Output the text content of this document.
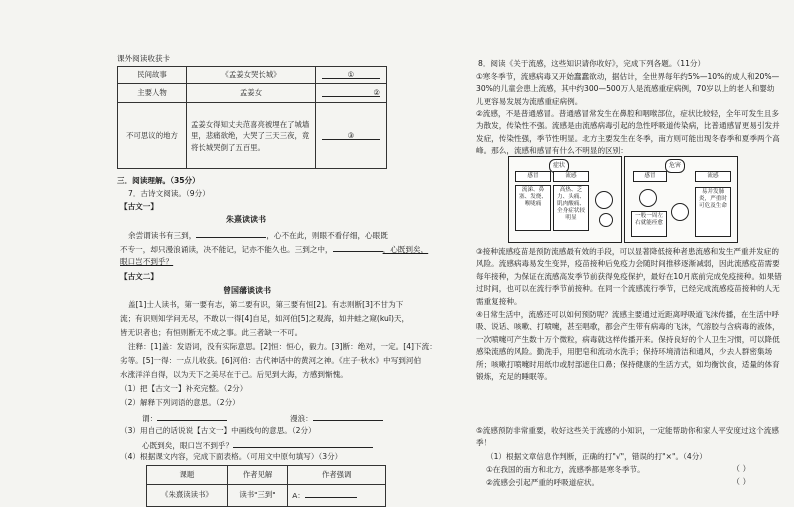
课外阅读收获卡
民间故事	《孟姜女哭长城》	①
主要人物	孟姜女	②
不可思议的地方	孟姜女得知丈夫范喜亮被埋在了城墙里，悲痛欲绝，大哭了三天三夜，竟将长城哭倒了五百里。	③
三．阅读理解。（35分）
7．古诗文阅读。（9分）
【古文一】
朱熹读读书
余尝谓读书有三到，	，心不在此，则眼不看仔细，心眼既
不专一，却只漫浪诵读，决不能记，记亦不能久也。三到之中，	，心既到矣，
眼口岂不到乎？
【古文二】
曾国藩谈读书
盖[1]士人读书，第一要有志，第二要有识，第三要有恒[2]。有志则断[3]不甘为下
流；有识则知学问无尽，不敢以一得[4]自足，如河伯[5]之观海，如井蛙之窥(kuī)天，
皆无识者也；有恒则断无不成之事。此三者缺一不可。
注释：[1]盖：发语词，没有实际意思。[2]恒：恒心，毅力。[3]断：绝对，一定。[4]下流：
劣等。[5]一得：一点儿收获。[6]河伯：古代神话中的黄河之神。《庄子·秋水》中写到河伯
水涨洋洋自得，以为天下之美尽在于己。后见到大海，方感到惭愧。
（1）把【古文一】补充完整。（2分）
（2）解释下列词语的意思。（2分）
谓：	漫浪：
（3）用自己的话说说【古文一】中画线句的意思。（2分）
心既到矣，眼口岂不到乎？
（4）根据课文内容，完成下面表格。（可用文中原句填写）（3分）
课题	作者见解	作者强调
《朱熹读读书》	读书"三到"	A：
8．阅读《关于流感，这些知识请你收好》，完成下列各题。（11分）
①寒冬季节，流感病毒又开始蠢蠢欲动，据估计，全世界每年约5%—10%的成人和20%—30%的儿童会患上流感，其中约300—500万人是流感重症病例，70岁以上的老人和婴幼儿更容易发展为流感重症病例。
②流感，不是普通感冒。普通感冒常发生在鼻腔和咽喉部位，症状比较轻，全年可发生且多为散发，传染性不强。流感是由流感病毒引起的急性呼吸道传染病，比普通感冒更易引发并发症，传染性强，季节性明显。北方主要发生在冬季，南方则可能出现冬春季和夏季两个高峰。那么，流感和感冒有什么不明显的区别：
症状
感冒	流感
流涕、鼻塞、发烧、喉咙痛
高热、乏力、头痛、肌肉酸痛、全身症状较明显
危害
感冒	流感
一般一周左右就能痊愈
易并发肺炎，严重时可危及生命
③接种流感疫苗是预防流感最有效的手段，可以显著降低接种者患流感和发生严重并发症的风险。流感病毒易发生变异，疫苗接种后免疫力会随时间推移逐渐减弱，因此流感疫苗需要每年接种，为保证在流感高发季节前获得免疫保护，最好在10月底前完成免疫接种。如果错过时间，也可以在流行季节前接种。在同一个流感流行季节，已经完成流感疫苗接种的人无需重复接种。
④日常生活中，流感还可以如何预防呢？流感主要通过近距离呼吸道飞沫传播，在生活中呼吸、说话、咳嗽、打喷嚏，甚至唱歌，都会产生带有病毒的飞沫，气溶胶与含病毒的液体，一次喷嚏可产生数十万个微粒，病毒就这样传播开来。保持良好的个人卫生习惯，可以降低感染流感的风险。勤洗手，用肥皂和流动水洗手；保持环境清洁和通风，少去人群密集场所；咳嗽打喷嚏时用纸巾或肘部遮住口鼻；保持健康的生活方式，如均衡饮食，适量的体育锻炼，充足的睡眠等。
⑤流感预防非常重要，收好这些关于流感的小知识，一定能帮助你和家人平安度过这个流感季！
（1）根据文章信息作判断，正确的打"√"，错误的打"×"。（4分）
①在我国的南方和北方，流感季都是寒冬季节。	（ ）
②流感会引起严重的呼吸道症状。	（ ）
